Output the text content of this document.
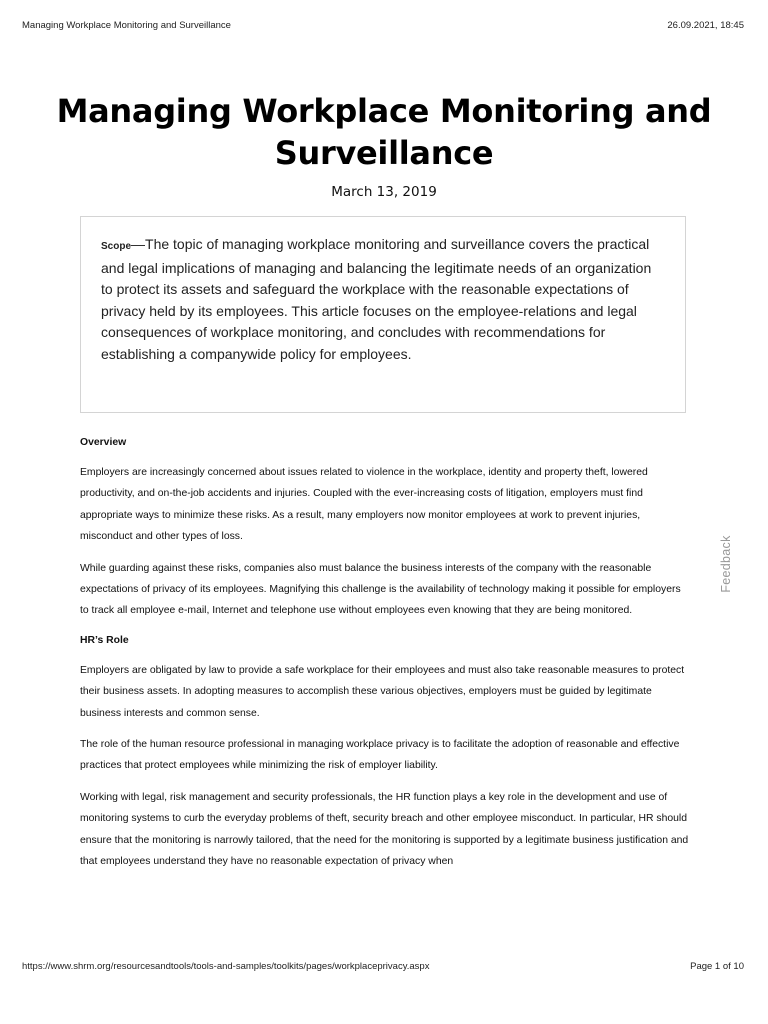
Managing Workplace Monitoring and Surveillance	26.09.2021, 18:45
Managing Workplace Monitoring and Surveillance
March 13, 2019

Scope—The topic of managing workplace monitoring and surveillance covers the practical and legal implications of managing and balancing the legitimate needs of an organization to protect its assets and safeguard the workplace with the reasonable expectations of privacy held by its employees. This article focuses on the employee-relations and legal consequences of workplace monitoring, and concludes with recommendations for establishing a companywide policy for employees.

Overview

Employers are increasingly concerned about issues related to violence in the workplace, identity and property theft, lowered productivity, and on-the-job accidents and injuries. Coupled with the ever-increasing costs of litigation, employers must find appropriate ways to minimize these risks. As a result, many employers now monitor employees at work to prevent injuries, misconduct and other types of loss.

While guarding against these risks, companies also must balance the business interests of the company with the reasonable expectations of privacy of its employees. Magnifying this challenge is the availability of technology making it possible for employers to track all employee e-mail, Internet and telephone use without employees even knowing that they are being monitored.

HR’s Role

Employers are obligated by law to provide a safe workplace for their employees and must also take reasonable measures to protect their business assets. In adopting measures to accomplish these various objectives, employers must be guided by legitimate business interests and common sense.

The role of the human resource professional in managing workplace privacy is to facilitate the adoption of reasonable and effective practices that protect employees while minimizing the risk of employer liability.

Working with legal, risk management and security professionals, the HR function plays a key role in the development and use of monitoring systems to curb the everyday problems of theft, security breach and other employee misconduct. In particular, HR should ensure that the monitoring is narrowly tailored, that the need for the monitoring is supported by a legitimate business justification and that employees understand they have no reasonable expectation of privacy when

Feedback
https://www.shrm.org/resourcesandtools/tools-and-samples/toolkits/pages/workplaceprivacy.aspx	Page 1 of 10
